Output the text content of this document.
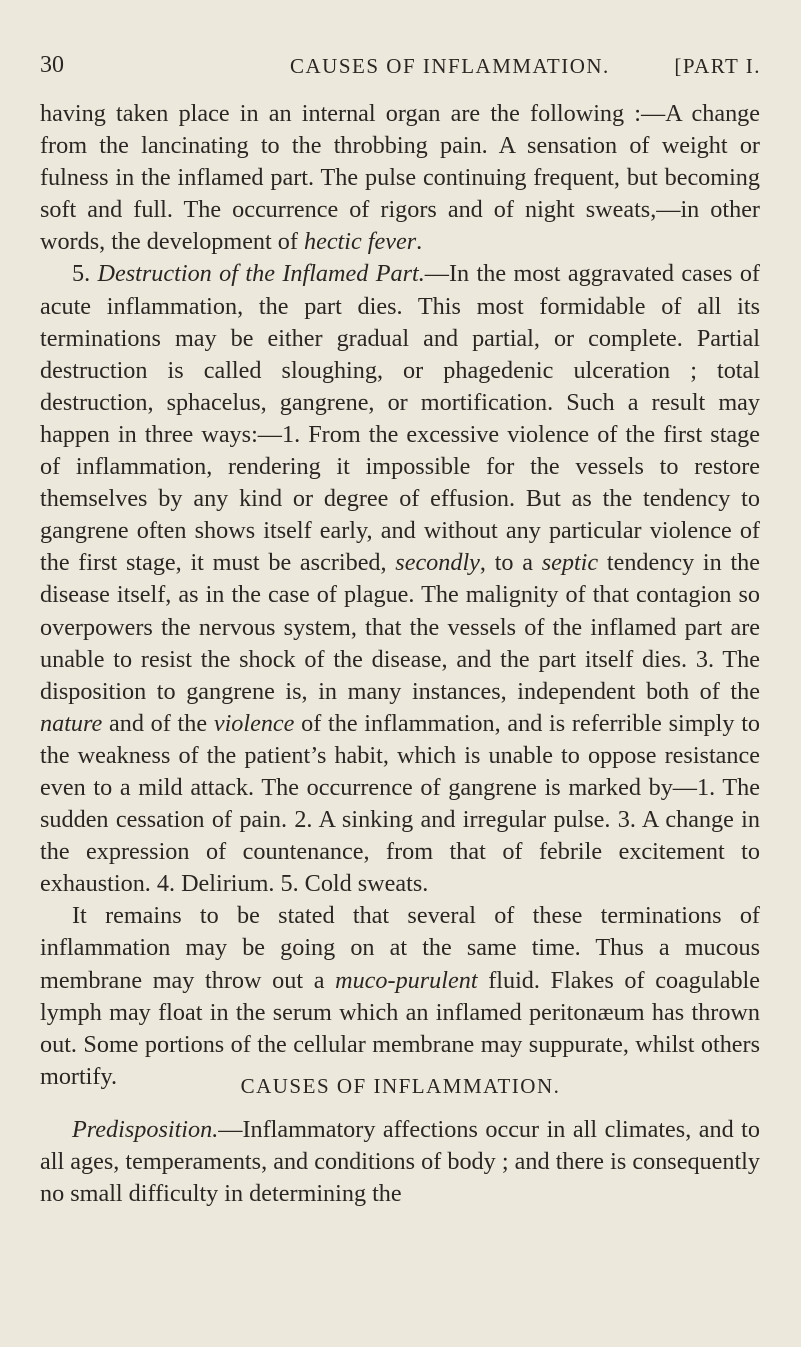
30	CAUSES OF INFLAMMATION.	[PART I.

having taken place in an internal organ are the following :—A change from the lancinating to the throbbing pain. A sensation of weight or fulness in the inflamed part. The pulse continuing frequent, but becoming soft and full. The occurrence of rigors and of night sweats,—in other words, the development of hectic fever.

5. Destruction of the Inflamed Part.—In the most aggravated cases of acute inflammation, the part dies. This most formidable of all its terminations may be either gradual and partial, or complete. Partial destruction is called sloughing, or phagedenic ulceration ; total destruction, sphacelus, gangrene, or mortification. Such a result may happen in three ways:—1. From the excessive violence of the first stage of inflammation, rendering it impossible for the vessels to restore themselves by any kind or degree of effusion. But as the tendency to gangrene often shows itself early, and without any particular violence of the first stage, it must be ascribed, secondly, to a septic tendency in the disease itself, as in the case of plague. The malignity of that contagion so overpowers the nervous system, that the vessels of the inflamed part are unable to resist the shock of the disease, and the part itself dies. 3. The disposition to gangrene is, in many instances, independent both of the nature and of the violence of the inflammation, and is referrible simply to the weakness of the patient’s habit, which is unable to oppose resistance even to a mild attack. The occurrence of gangrene is marked by—1. The sudden cessation of pain. 2. A sinking and irregular pulse. 3. A change in the expression of countenance, from that of febrile excitement to exhaustion. 4. Delirium. 5. Cold sweats.

It remains to be stated that several of these terminations of inflammation may be going on at the same time. Thus a mucous membrane may throw out a muco-purulent fluid. Flakes of coagulable lymph may float in the serum which an inflamed peritonæum has thrown out. Some portions of the cellular membrane may suppurate, whilst others mortify.	CAUSES OF INFLAMMATION.

Predisposition.—Inflammatory affections occur in all climates, and to all ages, temperaments, and conditions of body ; and there is consequently no small difficulty in determining the
